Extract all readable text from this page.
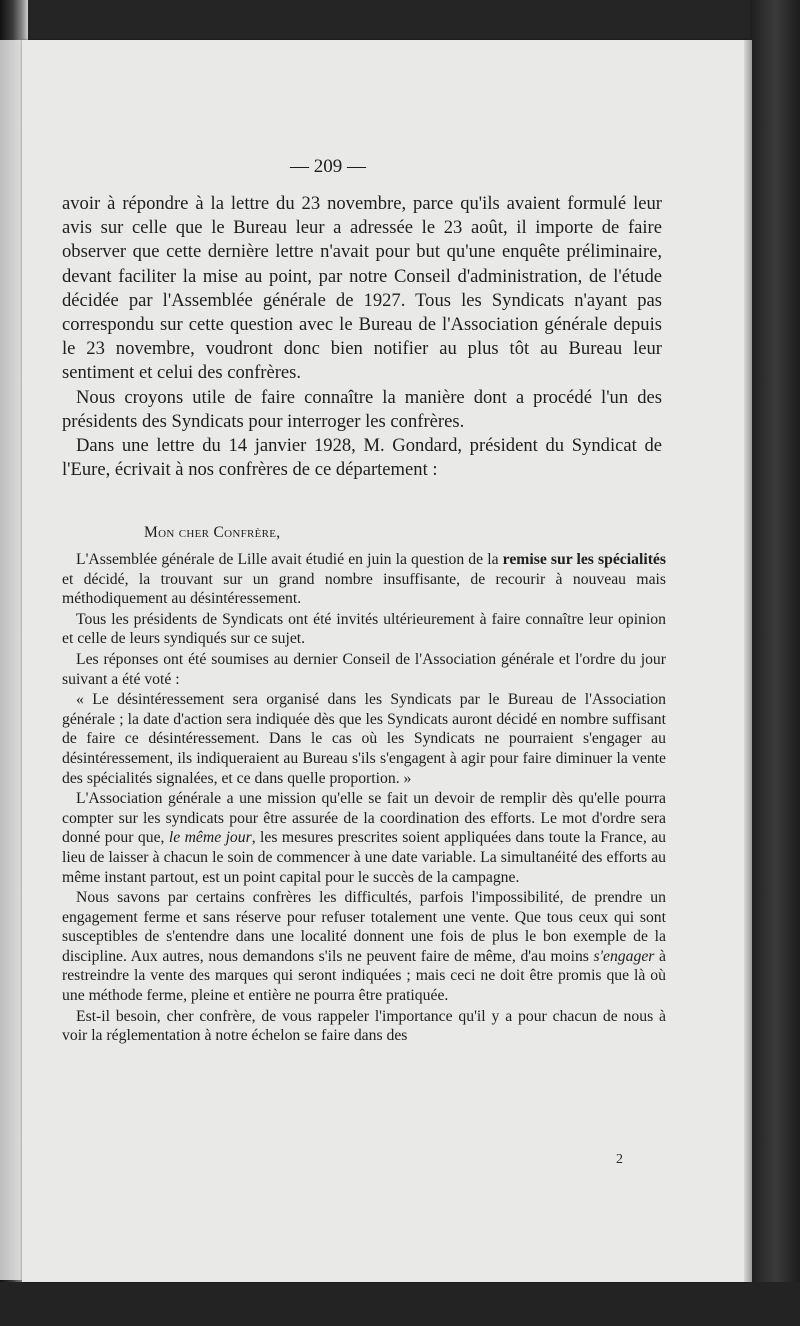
— 209 —

avoir à répondre à la lettre du 23 novembre, parce qu'ils avaient formulé leur avis sur celle que le Bureau leur a adressée le 23 août, il importe de faire observer que cette dernière lettre n'avait pour but qu'une enquête préliminaire, devant faciliter la mise au point, par notre Conseil d'administration, de l'étude décidée par l'Assemblée générale de 1927. Tous les Syndicats n'ayant pas correspondu sur cette question avec le Bureau de l'Association générale depuis le 23 novembre, voudront donc bien notifier au plus tôt au Bureau leur sentiment et celui des confrères.

Nous croyons utile de faire connaître la manière dont a procédé l'un des présidents des Syndicats pour interroger les confrères.

Dans une lettre du 14 janvier 1928, M. Gondard, président du Syndicat de l'Eure, écrivait à nos confrères de ce département :

Mon cher Confrère,

L'Assemblée générale de Lille avait étudié en juin la question de la remise sur les spécialités et décidé, la trouvant sur un grand nombre insuffisante, de recourir à nouveau mais méthodiquement au désintéressement.

Tous les présidents de Syndicats ont été invités ultérieurement à faire connaître leur opinion et celle de leurs syndiqués sur ce sujet.

Les réponses ont été soumises au dernier Conseil de l'Association générale et l'ordre du jour suivant a été voté :

« Le désintéressement sera organisé dans les Syndicats par le Bureau de l'Association générale ; la date d'action sera indiquée dès que les Syndicats auront décidé en nombre suffisant de faire ce désintéressement. Dans le cas où les Syndicats ne pourraient s'engager au désintéressement, ils indiqueraient au Bureau s'ils s'engagent à agir pour faire diminuer la vente des spécialités signalées, et ce dans quelle proportion. »

L'Association générale a une mission qu'elle se fait un devoir de remplir dès qu'elle pourra compter sur les syndicats pour être assurée de la coordination des efforts. Le mot d'ordre sera donné pour que, le même jour, les mesures prescrites soient appliquées dans toute la France, au lieu de laisser à chacun le soin de commencer à une date variable. La simultanéité des efforts au même instant partout, est un point capital pour le succès de la campagne.

Nous savons par certains confrères les difficultés, parfois l'impossibilité, de prendre un engagement ferme et sans réserve pour refuser totalement une vente. Que tous ceux qui sont susceptibles de s'entendre dans une localité donnent une fois de plus le bon exemple de la discipline. Aux autres, nous demandons s'ils ne peuvent faire de même, d'au moins s'engager à restreindre la vente des marques qui seront indiquées ; mais ceci ne doit être promis que là où une méthode ferme, pleine et entière ne pourra être pratiquée.

Est-il besoin, cher confrère, de vous rappeler l'importance qu'il y a pour chacun de nous à voir la réglementation à notre échelon se faire dans des

2
